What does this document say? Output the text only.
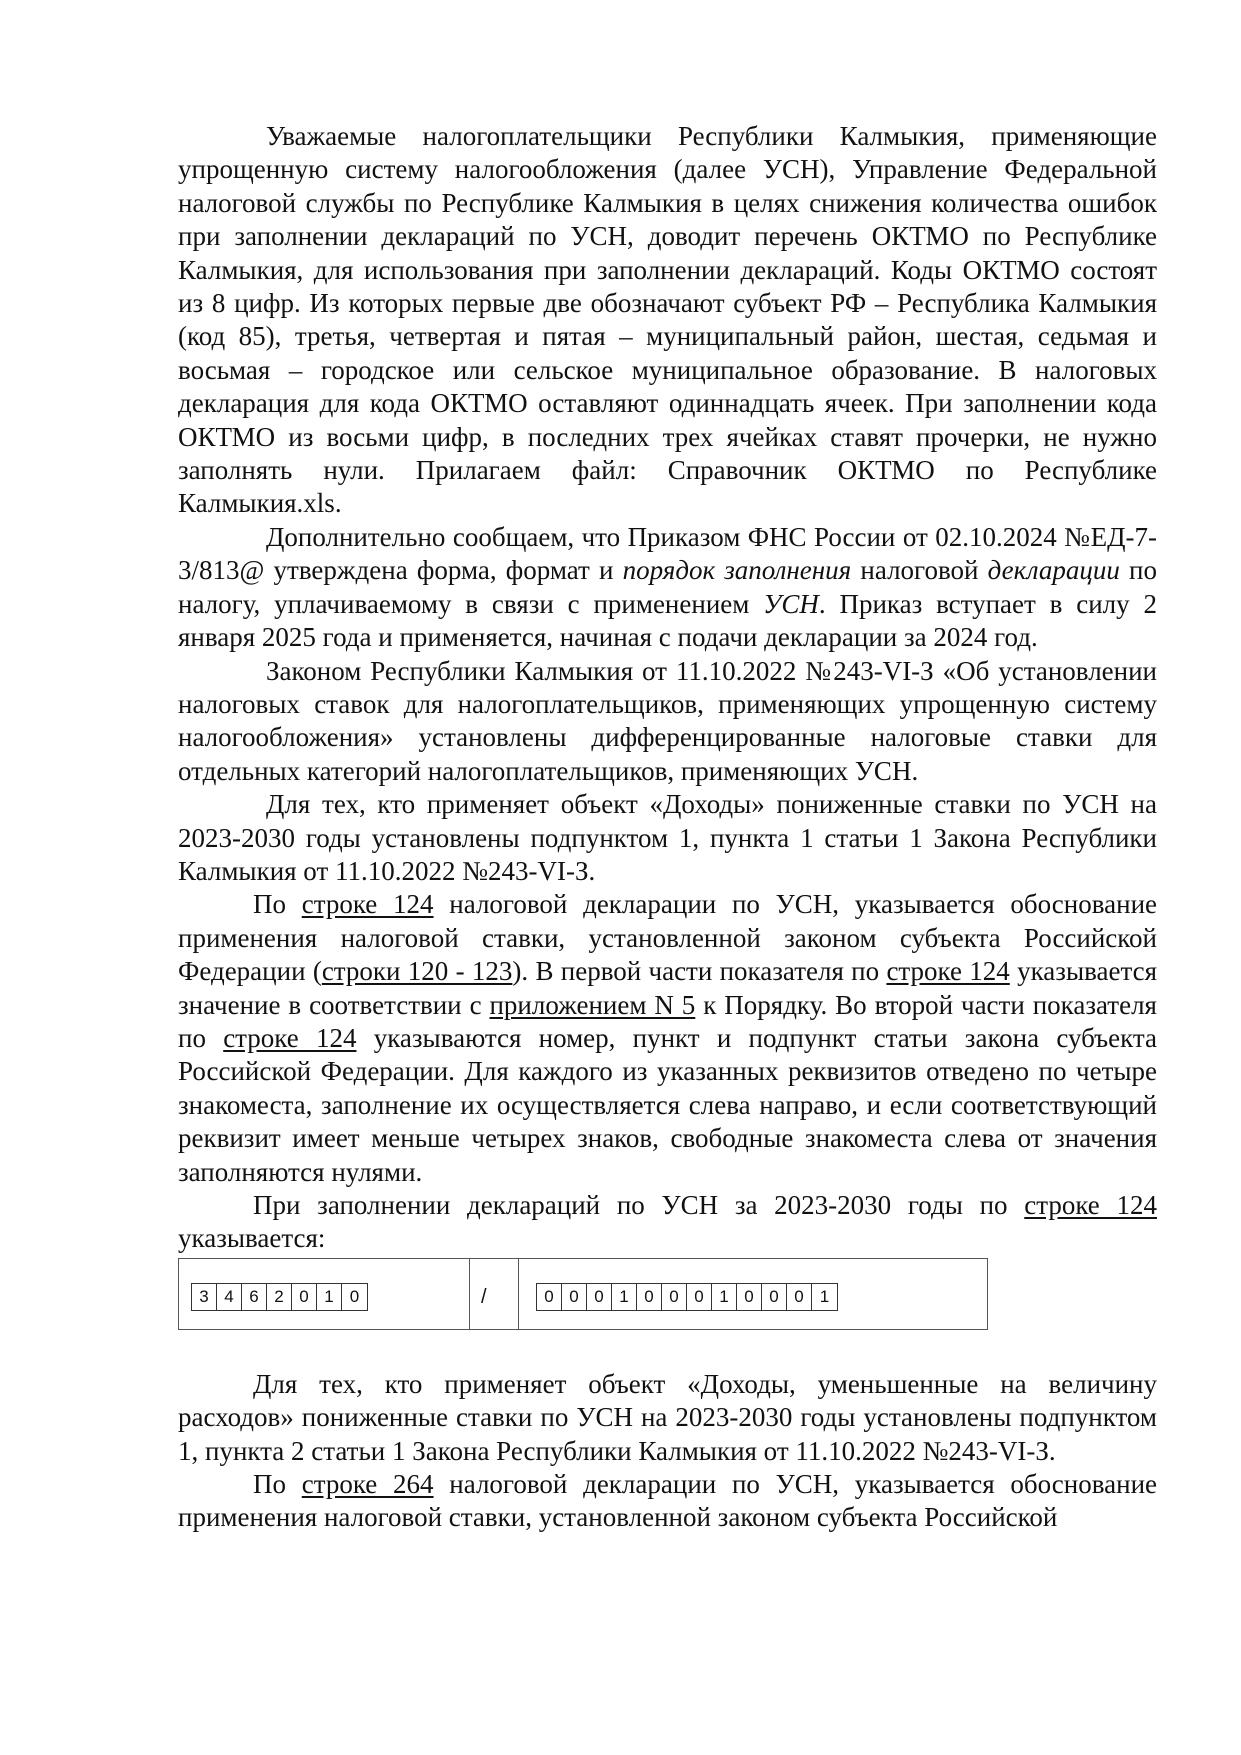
Уважаемые налогоплательщики Республики Калмыкия, применяющие упрощенную систему налогообложения (далее УСН), Управление Федеральной налоговой службы по Республике Калмыкия в целях снижения количества ошибок при заполнении деклараций по УСН, доводит перечень ОКТМО по Республике Калмыкия, для использования при заполнении деклараций. Коды ОКТМО состоят из 8 цифр. Из которых первые две обозначают субъект РФ – Республика Калмыкия (код 85), третья, четвертая и пятая – муниципальный район, шестая, седьмая и восьмая – городское или сельское муниципальное образование. В налоговых декларация для кода ОКТМО оставляют одиннадцать ячеек. При заполнении кода ОКТМО из восьми цифр, в последних трех ячейках ставят прочерки, не нужно заполнять нули. Прилагаем файл: Справочник ОКТМО по Республике Калмыкия.xls.

Дополнительно сообщаем, что Приказом ФНС России от 02.10.2024 №ЕД-7-3/813@ утверждена форма, формат и порядок заполнения налоговой декларации по налогу, уплачиваемому в связи с применением УСН. Приказ вступает в силу 2 января 2025 года и применяется, начиная с подачи декларации за 2024 год.

Законом Республики Калмыкия от 11.10.2022 №243-VI-З «Об установлении налоговых ставок для налогоплательщиков, применяющих упрощенную систему налогообложения» установлены дифференцированные налоговые ставки для отдельных категорий налогоплательщиков, применяющих УСН.

Для тех, кто применяет объект «Доходы» пониженные ставки по УСН на 2023-2030 годы установлены подпунктом 1, пункта 1 статьи 1 Закона Республики Калмыкия от 11.10.2022 №243-VI-З.

По строке 124 налоговой декларации по УСН, указывается обоснование применения налоговой ставки, установленной законом субъекта Российской Федерации (строки 120 - 123). В первой части показателя по строке 124 указывается значение в соответствии с приложением N 5 к Порядку. Во второй части показателя по строке 124 указываются номер, пункт и подпункт статьи закона субъекта Российской Федерации. Для каждого из указанных реквизитов отведено по четыре знакоместа, заполнение их осуществляется слева направо, и если соответствующий реквизит имеет меньше четырех знаков, свободные знакоместа слева от значения заполняются нулями.

При заполнении деклараций по УСН за 2023-2030 годы по строке 124 указывается:

3 4 6 2 0 1 0	/	0 0 0 1 0 0 0 1 0 0 0 1

Для тех, кто применяет объект «Доходы, уменьшенные на величину расходов» пониженные ставки по УСН на 2023-2030 годы установлены подпунктом 1, пункта 2 статьи 1 Закона Республики Калмыкия от 11.10.2022 №243-VI-З.

По строке 264 налоговой декларации по УСН, указывается обоснование применения налоговой ставки, установленной законом субъекта Российской
